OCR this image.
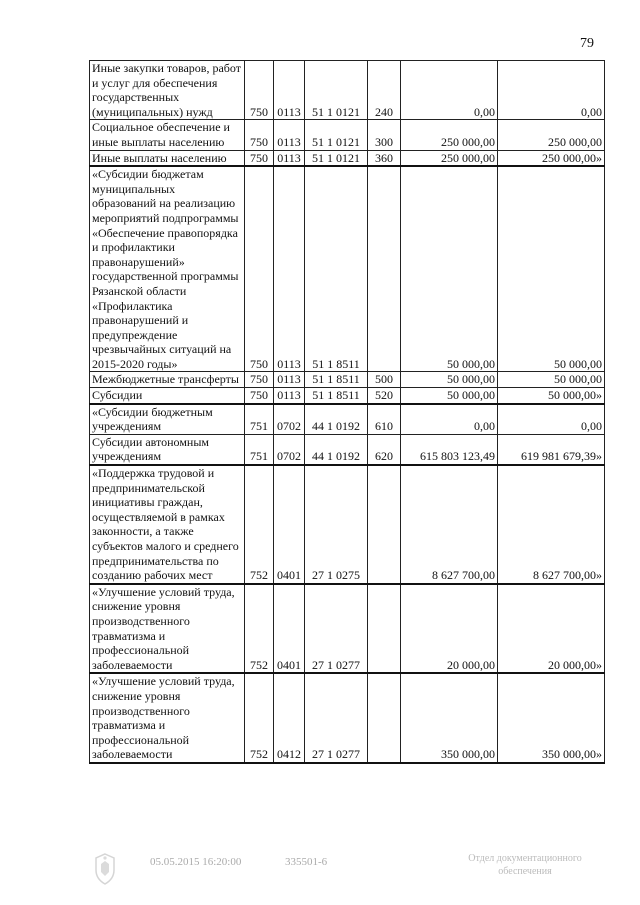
79
Иные закупки товаров, работ и услуг для обеспечения государственных (муниципальных) нужд	750	0113	51 1 0121	240	0,00	0,00
Социальное обеспечение и иные выплаты населению	750	0113	51 1 0121	300	250 000,00	250 000,00
Иные выплаты населению	750	0113	51 1 0121	360	250 000,00	250 000,00»
«Субсидии бюджетам муниципальных образований на реализацию мероприятий подпрограммы «Обеспечение правопорядка и профилактики правонарушений» государственной программы Рязанской области «Профилактика правонарушений и предупреждение чрезвычайных ситуаций на 2015-2020 годы»	750	0113	51 1 8511		50 000,00	50 000,00
Межбюджетные трансферты	750	0113	51 1 8511	500	50 000,00	50 000,00
Субсидии	750	0113	51 1 8511	520	50 000,00	50 000,00»
«Субсидии бюджетным учреждениям	751	0702	44 1 0192	610	0,00	0,00
Субсидии автономным учреждениям	751	0702	44 1 0192	620	615 803 123,49	619 981 679,39»
«Поддержка трудовой и предпринимательской инициативы граждан, осуществляемой в рамках законности, а также субъектов малого и среднего предпринимательства по созданию рабочих мест	752	0401	27 1 0275		8 627 700,00	8 627 700,00»
«Улучшение условий труда, снижение уровня производственного травматизма и профессиональной заболеваемости	752	0401	27 1 0277		20 000,00	20 000,00»
«Улучшение условий труда, снижение уровня производственного травматизма и профессиональной заболеваемости	752	0412	27 1 0277		350 000,00	350 000,00»
05.05.2015 16:20:00	335501-6	Отдел документационного обеспечения
